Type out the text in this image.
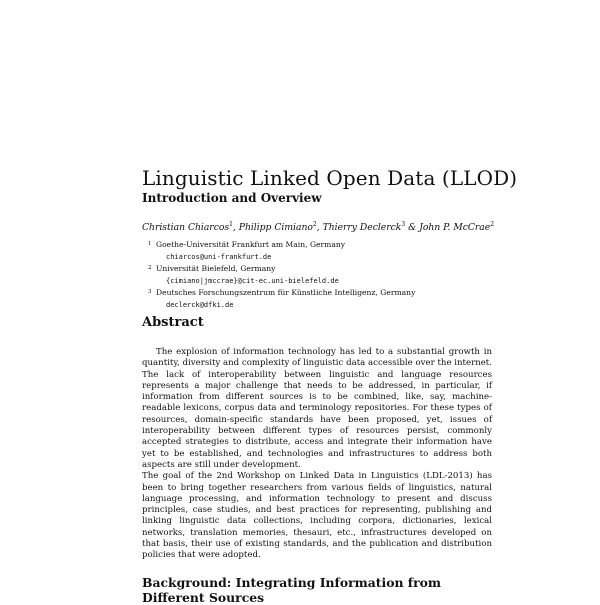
Linguistic Linked Open Data (LLOD)
Introduction and Overview
Christian Chiarcos$^1$, Philipp Cimiano$^2$, Thierry Declerck$^3$ & John P. McCrae$^2$
1 Goethe-Universität Frankfurt am Main, Germany
chiarcos@uni-frankfurt.de
2 Universität Bielefeld, Germany
{cimiano|jmccrae}@cit-ec.uni-bielefeld.de
3 Deutsches Forschungszentrum für Künstliche Intelligenz, Germany
declerck@dfki.de
Abstract

The explosion of information technology has led to a substantial growth in quantity, diversity and complexity of linguistic data accessible over the internet. The lack of interoperability between linguistic and language resources represents a major challenge that needs to be addressed, in particular, if information from different sources is to be combined, like, say, machine-readable lexicons, corpus data and terminology repositories. For these types of resources, domain-specific standards have been proposed, yet, issues of interoperability between different types of resources persist, commonly accepted strategies to distribute, access and integrate their information have yet to be established, and technologies and infrastructures to address both aspects are still under development.

The goal of the 2nd Workshop on Linked Data in Linguistics (LDL-2013) has been to bring together researchers from various fields of linguistics, natural language processing, and information technology to present and discuss principles, case studies, and best practices for representing, publishing and linking linguistic data collections, including corpora, dictionaries, lexical networks, translation memories, thesauri, etc., infrastructures developed on that basis, their use of existing standards, and the publication and distribution policies that were adopted.

Background: Integrating Information from Different Sources
